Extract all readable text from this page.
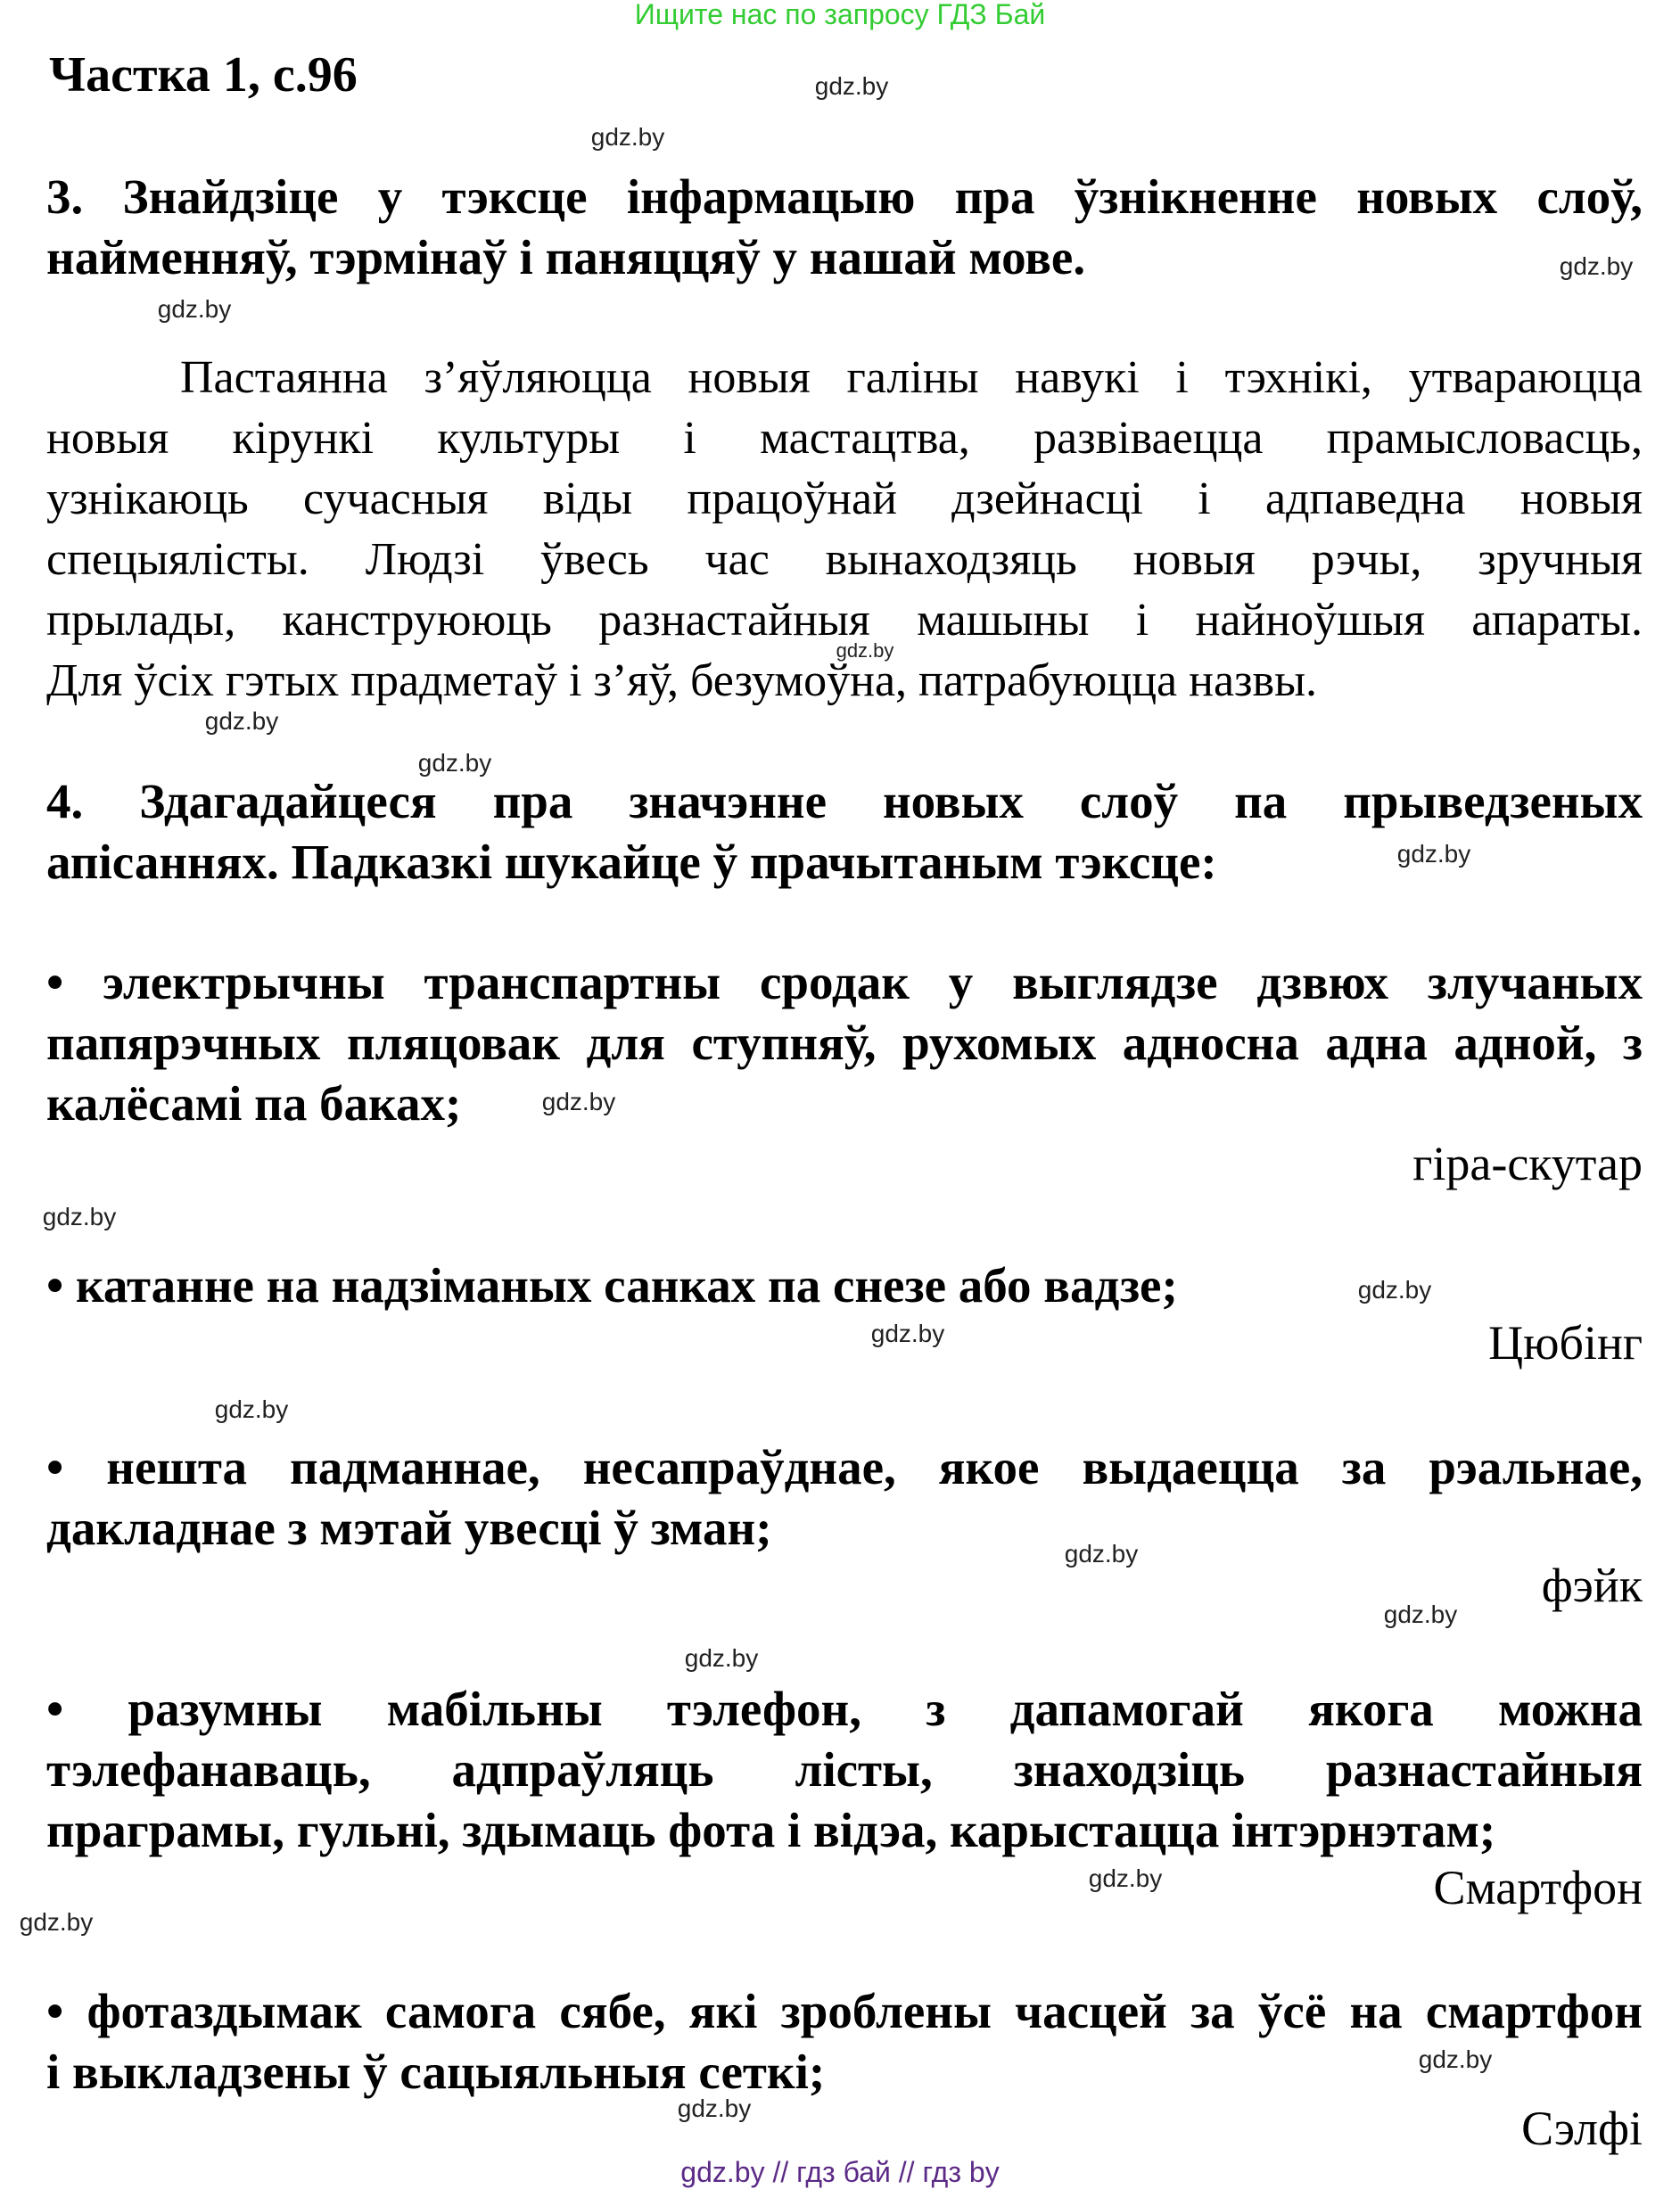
Ищите нас по запросу ГДЗ Бай
Частка 1, с.96
3. Знайдзіце у тэксце інфармацыю пра ўзнікненне новых слоў,
найменняў, тэрмінаў і паняццяў у нашай мове.
Пастаянна з’яўляюцца новыя галіны навукі і тэхнікі, утвараюцца
новыя кірункі культуры і мастацтва, развіваецца прамысловасць,
узнікаюць сучасныя віды працоўнай дзейнасці і адпаведна новыя
спецыялісты. Людзі ўвесь час вынаходзяць новыя рэчы, зручныя
прылады, канструююць разнастайныя машыны і найноўшыя апараты.
Для ўсіх гэтых прадметаў і з’яў, безумоўна, патрабуюцца назвы.
4. Здагадайцеся пра значэнне новых слоў па прыведзеных
апісаннях. Падказкі шукайце ў прачытаным тэксце:
• электрычны транспартны сродак у выглядзе дзвюх злучаных
папярэчных пляцовак для ступняў, рухомых адносна адна адной, з
калёсамі па баках;
гіра-скутар
• катанне на надзіманых санках па снезе або вадзе;
Цюбінг
• нешта падманнае, несапраўднае, якое выдаецца за рэальнае,
дакладнае з мэтай увесці ў зман;
фэйк
• разумны мабільны тэлефон, з дапамогай якога можна
тэлефанаваць, адпраўляць лісты, знаходзіць разнастайныя
праграмы, гульні, здымаць фота і відэа, карыстацца інтэрнэтам;
Смартфон
• фотаздымак самога сябе, які зроблены часцей за ўсё на смартфон
і выкладзены ў сацыяльныя сеткі;
Сэлфі
gdz.by
gdz.by
gdz.by
gdz.by
gdz.by
gdz.by
gdz.by
gdz.by
gdz.by
gdz.by
gdz.by
gdz.by
gdz.by
gdz.by
gdz.by
gdz.by
gdz.by
gdz.by
gdz.by
gdz.by
gdz.by // гдз бай // гдз by
